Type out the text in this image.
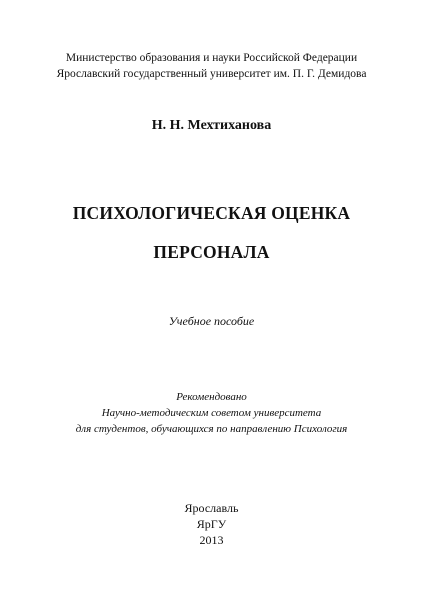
Министерство образования и науки Российской Федерации
Ярославский государственный университет им. П. Г. Демидова
Н. Н. Мехтиханова
ПСИХОЛОГИЧЕСКАЯ ОЦЕНКА
ПЕРСОНАЛА
Учебное пособие
Рекомендовано
Научно-методическим советом университета
для студентов, обучающихся по направлению Психология
Ярославль
ЯрГУ
2013
